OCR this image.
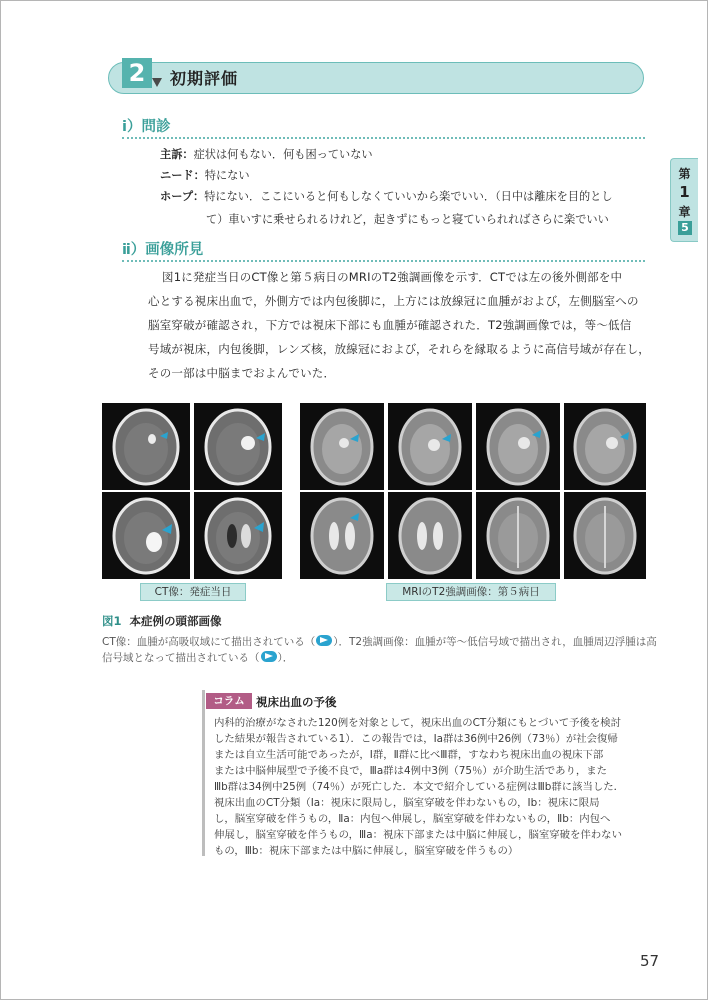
2	初期評価
第
1
章
5
ⅰ）問診
主訴：症状は何もない．何も困っていない
ニード：特にない
ホープ：特にない．ここにいると何もしなくていいから楽でいい．（日中は離床を目的とし
て）車いすに乗せられるけれど，起きずにもっと寝ていられればさらに楽でいい
ⅱ）画像所見
図1に発症当日のCT像と第５病日のMRIのT2強調画像を示す．CTでは左の後外側部を中
心とする視床出血で，外側方では内包後脚に，上方には放線冠に血腫がおよび，左側脳室への
脳室穿破が確認され，下方では視床下部にも血腫が確認された．T2強調画像では，等～低信
号域が視床，内包後脚，レンズ核，放線冠におよび，それらを縁取るように高信号域が存在し，
その一部は中脳までおよんでいた．
CT像：発症当日	MRIのT2強調画像：第５病日
図1 本症例の頭部画像
CT像：血腫が高吸収域にて描出されている（ ）．T2強調画像：血腫が等～低信号域で描出され，血腫周辺浮腫は高
信号域となって描出されている（ ）．
コラム 視床出血の予後
内科的治療がなされた120例を対象として，視床出血のCT分類にもとづいて予後を検討
した結果が報告されている1）．この報告では，Ⅰa群は36例中26例（73％）が社会復帰
または自立生活可能であったが，Ⅰ群，Ⅱ群に比べⅢ群，すなわち視床出血の視床下部
または中脳伸展型で予後不良で，Ⅲa群は4例中3例（75％）が介助生活であり，また
Ⅲb群は34例中25例（74％）が死亡した．本文で紹介している症例はⅢb群に該当した．
視床出血のCT分類（Ⅰa：視床に限局し，脳室穿破を伴わないもの，Ⅰb：視床に限局
し，脳室穿破を伴うもの，Ⅱa：内包へ伸展し，脳室穿破を伴わないもの，Ⅱb：内包へ
伸展し，脳室穿破を伴うもの，Ⅲa：視床下部または中脳に伸展し，脳室穿破を伴わない
もの，Ⅲb：視床下部または中脳に伸展し，脳室穿破を伴うもの）
57
